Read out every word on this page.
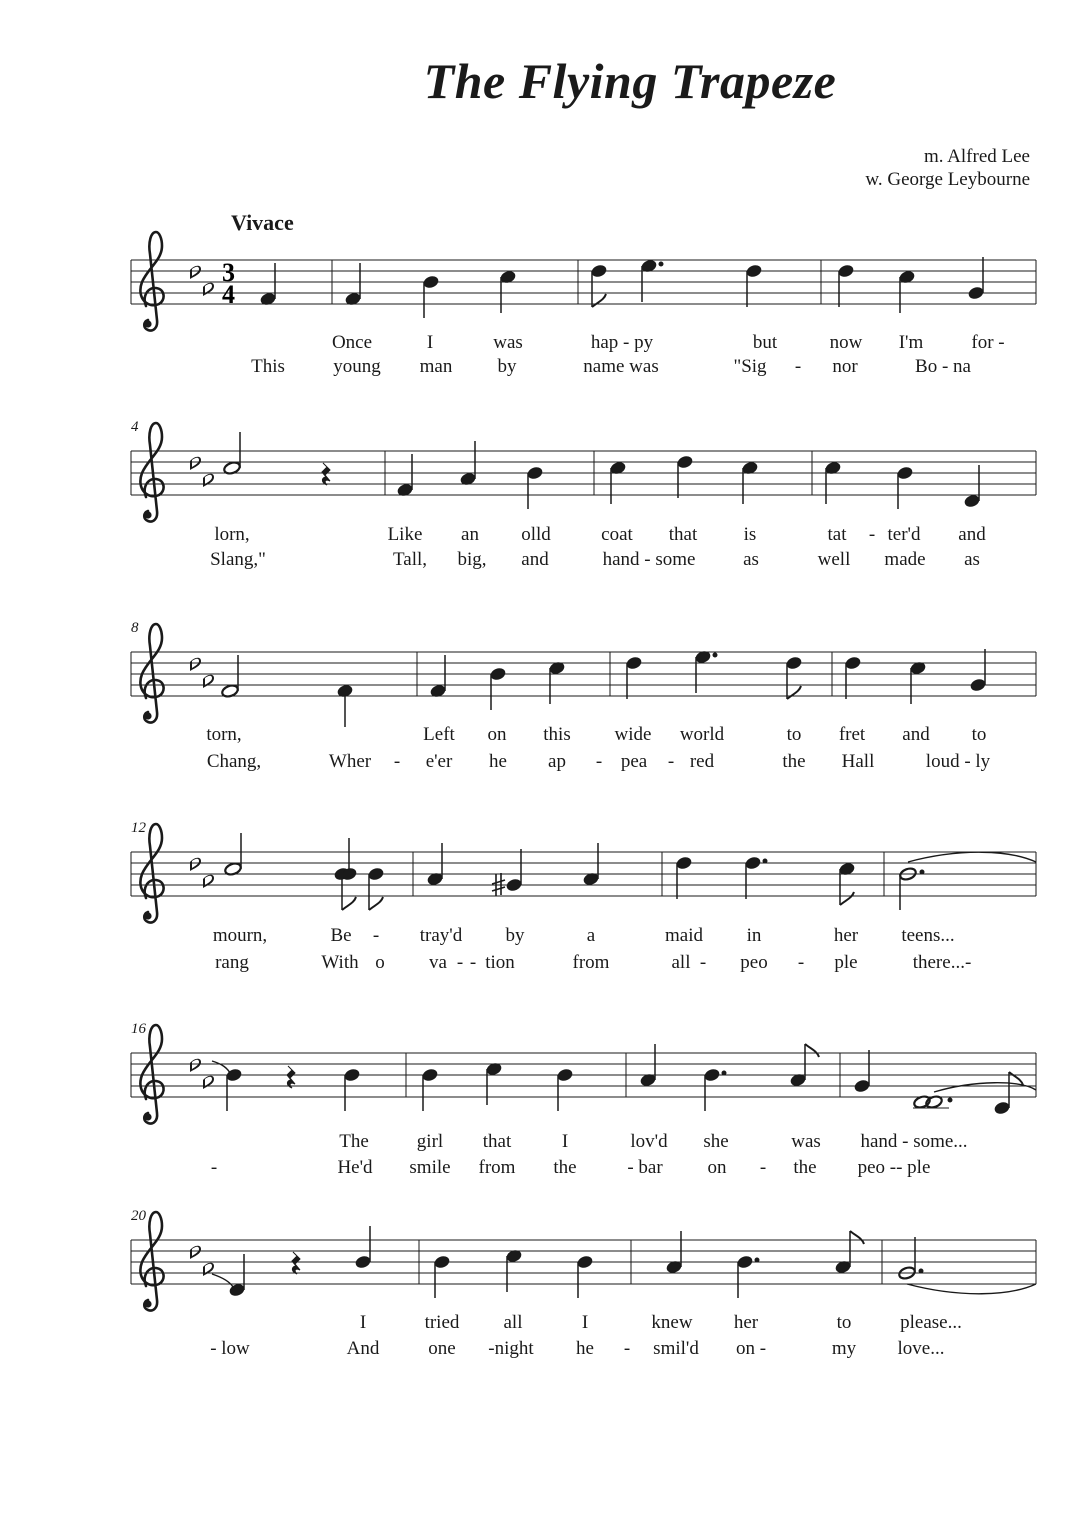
The Flying Trapeze
m. Alfred Lee
w. George Leybourne
Vivace
3
4
Once	I	was	hap - py	but	now I'm	for -
This	young man by	name was	"Sig - nor	Bo - na
4
lorn,	Like an olld	coat that is	tat - ter'd and
Slang,"	Tall, big, and	hand - some	as	well made as
8
torn,	Left on this wide world	to fret and to
Chang,	Wher - e'er he ap - pea - red	the Hall	loud - ly
12
mourn,	Be - tray'd by	a	maid in	her teens...
rang	With o va - - tion	from	all - peo - ple	there...-
16
The	girl that	I	lov'd she	was hand - some...
-	He'd smile from the	- bar on - the peo -- ple
20
I	tried all	I	knew her	to	please...
- low	And	one -night he - smil'd on -	my love...
